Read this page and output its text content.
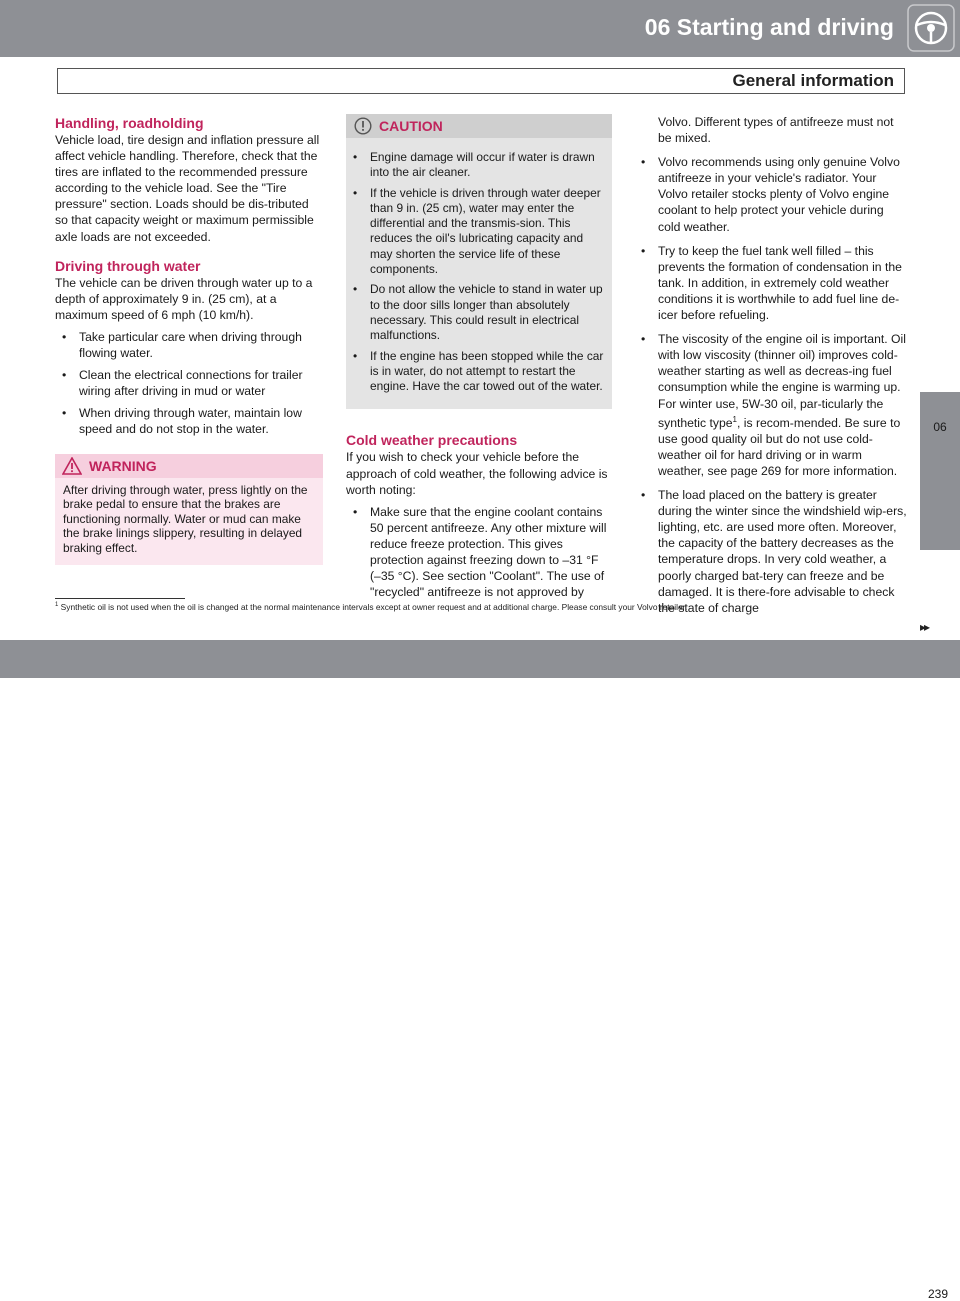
06 Starting and driving
General information
06
Handling, roadholding

Vehicle load, tire design and inflation pressure all affect vehicle handling. Therefore, check that the tires are inflated to the recommended pressure according to the vehicle load. See the "Tire pressure" section. Loads should be dis-tributed so that capacity weight or maximum permissible axle loads are not exceeded.

Driving through water

The vehicle can be driven through water up to a depth of approximately 9 in. (25 cm), at a maximum speed of 6 mph (10 km/h).

• Take particular care when driving through flowing water.
• Clean the electrical connections for trailer wiring after driving in mud or water
• When driving through water, maintain low speed and do not stop in the water.
WARNING
After driving through water, press lightly on the brake pedal to ensure that the brakes are functioning normally. Water or mud can make the brake linings slippery, resulting in delayed braking effect.
CAUTION
• Engine damage will occur if water is drawn into the air cleaner.
• If the vehicle is driven through water deeper than 9 in. (25 cm), water may enter the differential and the transmis-sion. This reduces the oil's lubricating capacity and may shorten the service life of these components.
• Do not allow the vehicle to stand in water up to the door sills longer than absolutely necessary. This could result in electrical malfunctions.
• If the engine has been stopped while the car is in water, do not attempt to restart the engine. Have the car towed out of the water.
Cold weather precautions

If you wish to check your vehicle before the approach of cold weather, the following advice is worth noting:

• Make sure that the engine coolant contains 50 percent antifreeze. Any other mixture will reduce freeze protection. This gives protection against freezing down to –31 °F (–35 °C). See section "Coolant". The use of "recycled" antifreeze is not approved by

Volvo. Different types of antifreeze must not be mixed.

• Volvo recommends using only genuine Volvo antifreeze in your vehicle's radiator. Your Volvo retailer stocks plenty of Volvo engine coolant to help protect your vehicle during cold weather.
• Try to keep the fuel tank well filled – this prevents the formation of condensation in the tank. In addition, in extremely cold weather conditions it is worthwhile to add fuel line de-icer before refueling.
• The viscosity of the engine oil is important. Oil with low viscosity (thinner oil) improves cold-weather starting as well as decreas-ing fuel consumption while the engine is warming up. For winter use, 5W-30 oil, par-ticularly the synthetic type$^1$, is recom-mended. Be sure to use good quality oil but do not use cold-weather oil for hard driving or in warm weather, see page 269 for more information.
• The load placed on the battery is greater during the winter since the windshield wip-ers, lighting, etc. are used more often. Moreover, the capacity of the battery decreases as the temperature drops. In very cold weather, a poorly charged bat-tery can freeze and be damaged. It is there-fore advisable to check the state of charge
$^1$ Synthetic oil is not used when the oil is changed at the normal maintenance intervals except at owner request and at additional charge. Please consult your Volvo retailer.
▸▸
239
